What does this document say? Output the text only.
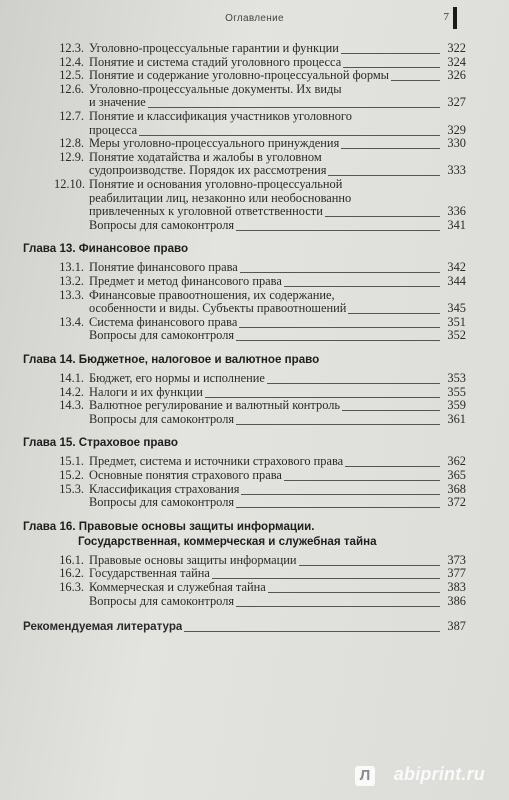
Оглавление	7
12.3. Уголовно-процессуальные гарантии и функции	322
12.4. Понятие и система стадий уголовного процесса	324
12.5. Понятие и содержание уголовно-процессуальной формы	326
12.6. Уголовно-процессуальные документы. Их виды
и значение	327
12.7. Понятие и классификация участников уголовного
процесса	329
12.8. Меры уголовно-процессуального принуждения	330
12.9. Понятие ходатайства и жалобы в уголовном
судопроизводстве. Порядок их рассмотрения	333
12.10. Понятие и основания уголовно-процессуальной
реабилитации лиц, незаконно или необоснованно
привлеченных к уголовной ответственности	336
Вопросы для самоконтроля	341
Глава 13. Финансовое право
13.1. Понятие финансового права	342
13.2. Предмет и метод финансового права	344
13.3. Финансовые правоотношения, их содержание,
особенности и виды. Субъекты правоотношений	345
13.4. Система финансового права	351
Вопросы для самоконтроля	352
Глава 14. Бюджетное, налоговое и валютное право
14.1. Бюджет, его нормы и исполнение	353
14.2. Налоги и их функции	355
14.3. Валютное регулирование и валютный контроль	359
Вопросы для самоконтроля	361
Глава 15. Страховое право
15.1. Предмет, система и источники страхового права	362
15.2. Основные понятия страхового права	365
15.3. Классификация страхования	368
Вопросы для самоконтроля	372
Глава 16. Правовые основы защиты информации.
Государственная, коммерческая и служебная тайна
16.1. Правовые основы защиты информации	373
16.2. Государственная тайна	377
16.3. Коммерческая и служебная тайна	383
Вопросы для самоконтроля	386
Рекомендуемая литература	387
Л abiprint.ru
